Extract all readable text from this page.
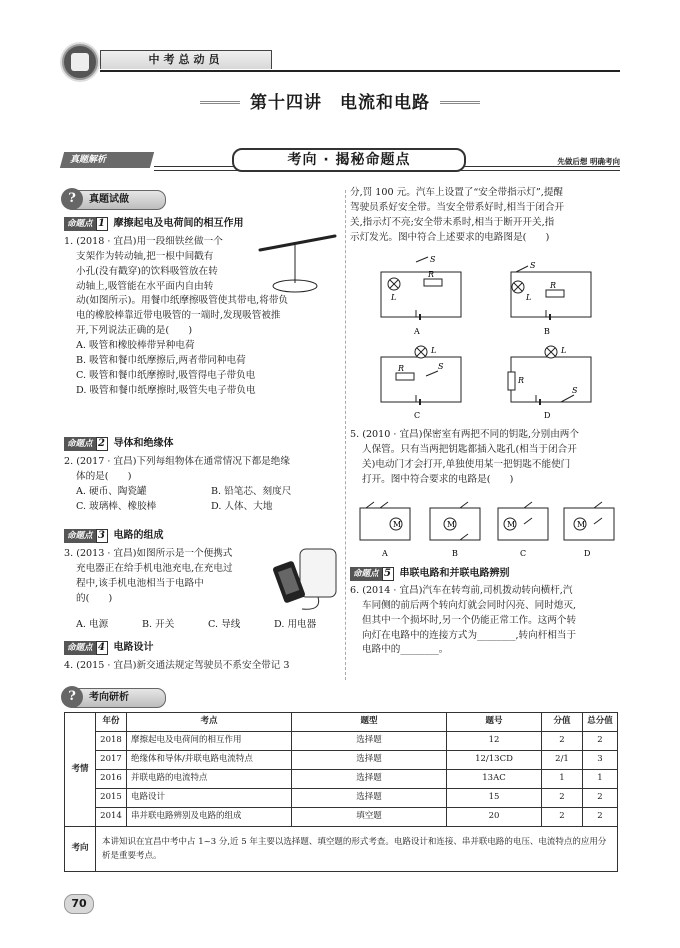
中考总动员
第十四讲　电流和电路
真题解析	考向 · 揭秘命题点	先做后想 明确考向
?	真题试做
命题点 1 摩擦起电及电荷间的相互作用

1. (2018 · 宜昌)用一段细铁丝做一个

支架作为转动轴,把一根中间戳有

小孔(没有戳穿)的饮料吸管放在转

动轴上,吸管能在水平面内自由转

动(如图所示)。用餐巾纸摩擦吸管使其带电,将带负

电的橡胶棒靠近带电吸管的一端时,发现吸管被推

开,下列说法正确的是(　　)

A. 吸管和橡胶棒带异种电荷

B. 吸管和餐巾纸摩擦后,两者带同种电荷

C. 吸管和餐巾纸摩擦时,吸管得电子带负电

D. 吸管和餐巾纸摩擦时,吸管失电子带负电

命题点 2 导体和绝缘体

2. (2017 · 宜昌)下列每组物体在通常情况下都是绝缘

体的是(　　)

A. 硬币、陶瓷罐	B. 铅笔芯、刻度尺

C. 玻璃棒、橡胶棒	D. 人体、大地

命题点 3 电路的组成

3. (2013 · 宜昌)如图所示是一个便携式

充电器正在给手机电池充电,在充电过

程中,该手机电池相当于电路中

的(　　)

A. 电源	B. 开关	C. 导线	D. 用电器
命题点 4 电路设计

4. (2015 · 宜昌)新交通法规定驾驶员不系安全带记 3

分,罚 100 元。汽车上设置了“安全带指示灯”,提醒

驾驶员系好安全带。当安全带系好时,相当于闭合开

关,指示灯不亮;安全带未系时,相当于断开开关,指

示灯发光。图中符合上述要求的电路图是(　　)

L
R
S
A
L
R
S
B
L
R	S
C
L
R
S
D

5. (2010 · 宜昌)保密室有两把不同的钥匙,分别由两个

人保管。只有当两把钥匙都插入匙孔(相当于闭合开

关)电动门才会打开,单独使用某一把钥匙不能使门

打开。图中符合要求的电路是(　　)

M
A
M
B
M
C
M
D
命题点 5 串联电路和并联电路辨别

6. (2014 · 宜昌)汽车在转弯前,司机拨动转向横杆,汽

车同侧的前后两个转向灯就会同时闪亮、同时熄灭,

但其中一个损坏时,另一个仍能正常工作。这两个转

向灯在电路中的连接方式为________,转向杆相当于

电路中的________。

?	考向研析
考情	年份	考点	题型	题号	分值	总分值
	2018	摩擦起电及电荷间的相互作用	选择题	12	2	2
	2017	绝缘体和导体/并联电路电流特点	选择题	12/13CD	2/1	3
	2016	并联电路的电流特点	选择题	13AC	1	1
	2015	电路设计	选择题	15	2	2
	2014	串并联电路辨别及电路的组成	填空题	20	2	2
考向	本讲知识在宜昌中考中占 1~3 分,近 5 年主要以选择题、填空题的形式考查。电路设计和连接、串并联电路的电压、电流特点的应用分析是重要考点。					
70
